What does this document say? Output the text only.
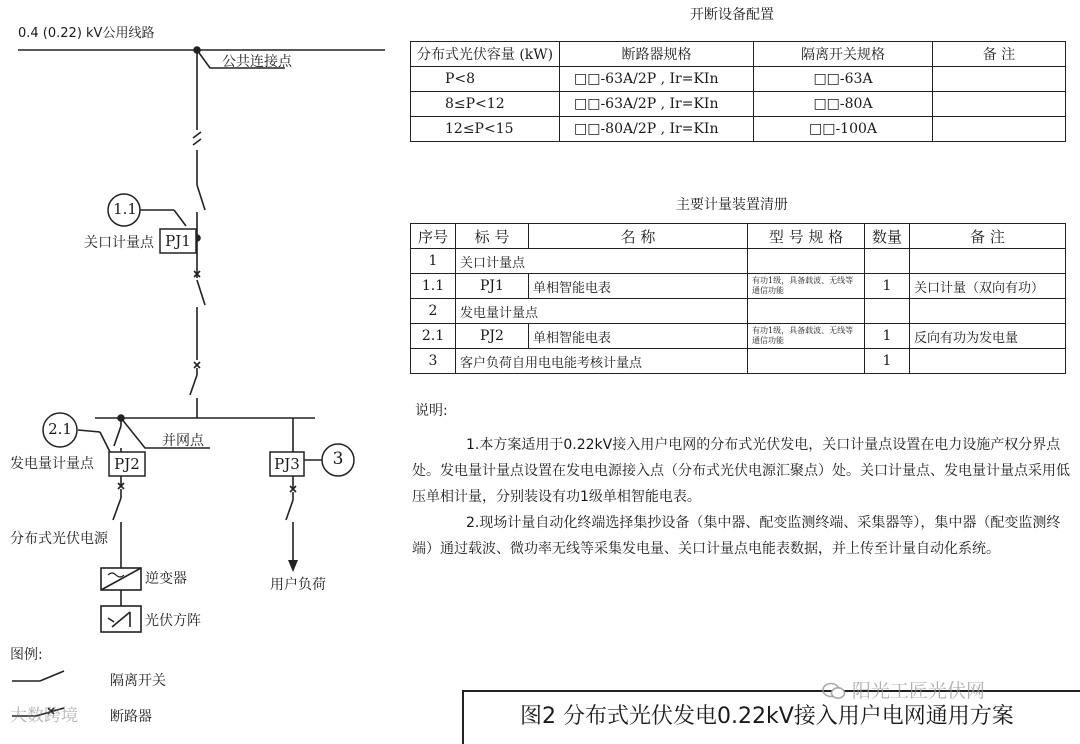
0.4 (0.22) kV公用线路
公共连接点
1.1
关口计量点 PJ1
2.1
发电量计量点	PJ2	PJ3	3
并网点
分布式光伏电源
逆变器
光伏方阵
用户负荷
图例:
隔离开关
断路器
开断设备配置
分布式光伏容量 (kW)	断路器规格	隔离开关规格	备 注
P<8	□□-63A/2P , Ir=KIn	□□-63A	
8≤P<12	□□-63A/2P , Ir=KIn	□□-80A	
12≤P<15	□□-80A/2P , Ir=KIn	□□-100A	
主要计量装置清册
序号	标 号	名 称	型 号 规 格	数量	备 注
1	关口计量点				
1.1	PJ1	单相智能电表	有功1级，具备载波、无线等通信功能	1	关口计量（双向有功）
2	发电量计量点				
2.1	PJ2	单相智能电表	有功1级，具备载波、无线等通信功能	1	反向有功为发电量
3	客户负荷自用电电能考核计量点			1	
说明:

1.本方案适用于0.22kV接入用户电网的分布式光伏发电，关口计量点设置在电力设施产权分界点处。发电量计量点设置在发电电源接入点（分布式光伏电源汇聚点）处。关口计量点、发电量计量点采用低压单相计量，分别装设有功1级单相智能电表。

2.现场计量自动化终端选择集抄设备（集中器、配变监测终端、采集器等），集中器（配变监测终端）通过载波、微功率无线等采集发电量、关口计量点电能表数据，并上传至计量自动化系统。

图2 分布式光伏发电0.22kV接入用户电网通用方案
大数跨境
阳光工匠光伏网
